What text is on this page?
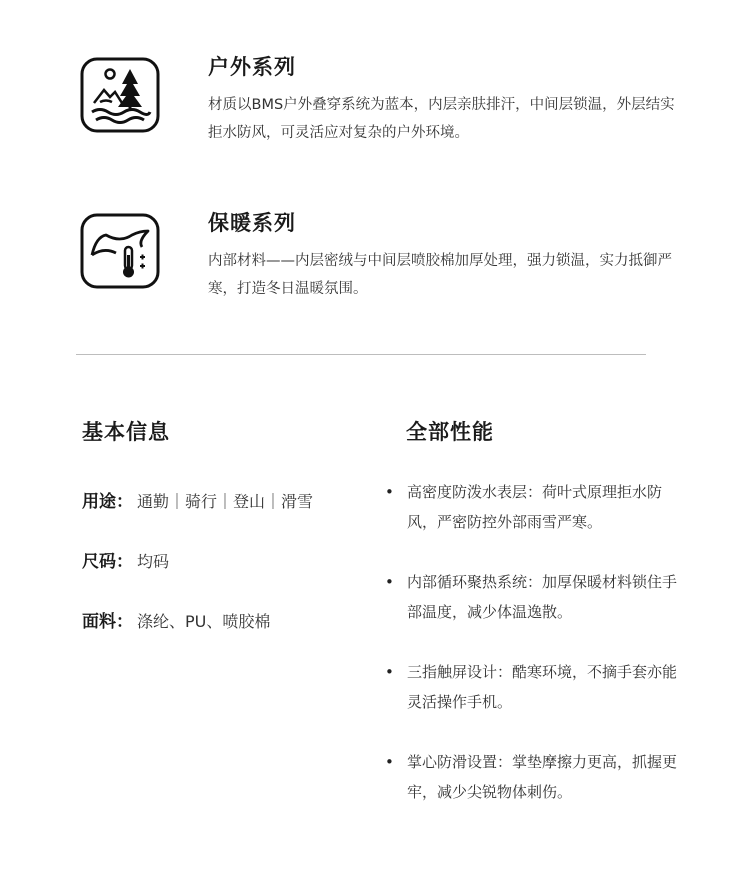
户外系列
材质以BMS户外叠穿系统为蓝本，内层亲肤排汗，中间层锁温，外层结实拒水防风，可灵活应对复杂的户外环境。
保暖系列
内部材料——内层密绒与中间层喷胶棉加厚处理，强力锁温，实力抵御严寒，打造冬日温暖氛围。
基本信息
用途： 通勤｜骑行｜登山｜滑雪
尺码： 均码
面料： 涤纶、PU、喷胶棉
全部性能
• 高密度防泼水表层：荷叶式原理拒水防风，严密防控外部雨雪严寒。
• 内部循环聚热系统：加厚保暖材料锁住手部温度，减少体温逸散。
• 三指触屏设计：酷寒环境，不摘手套亦能灵活操作手机。
• 掌心防滑设置：掌垫摩擦力更高，抓握更牢，减少尖锐物体刺伤。
